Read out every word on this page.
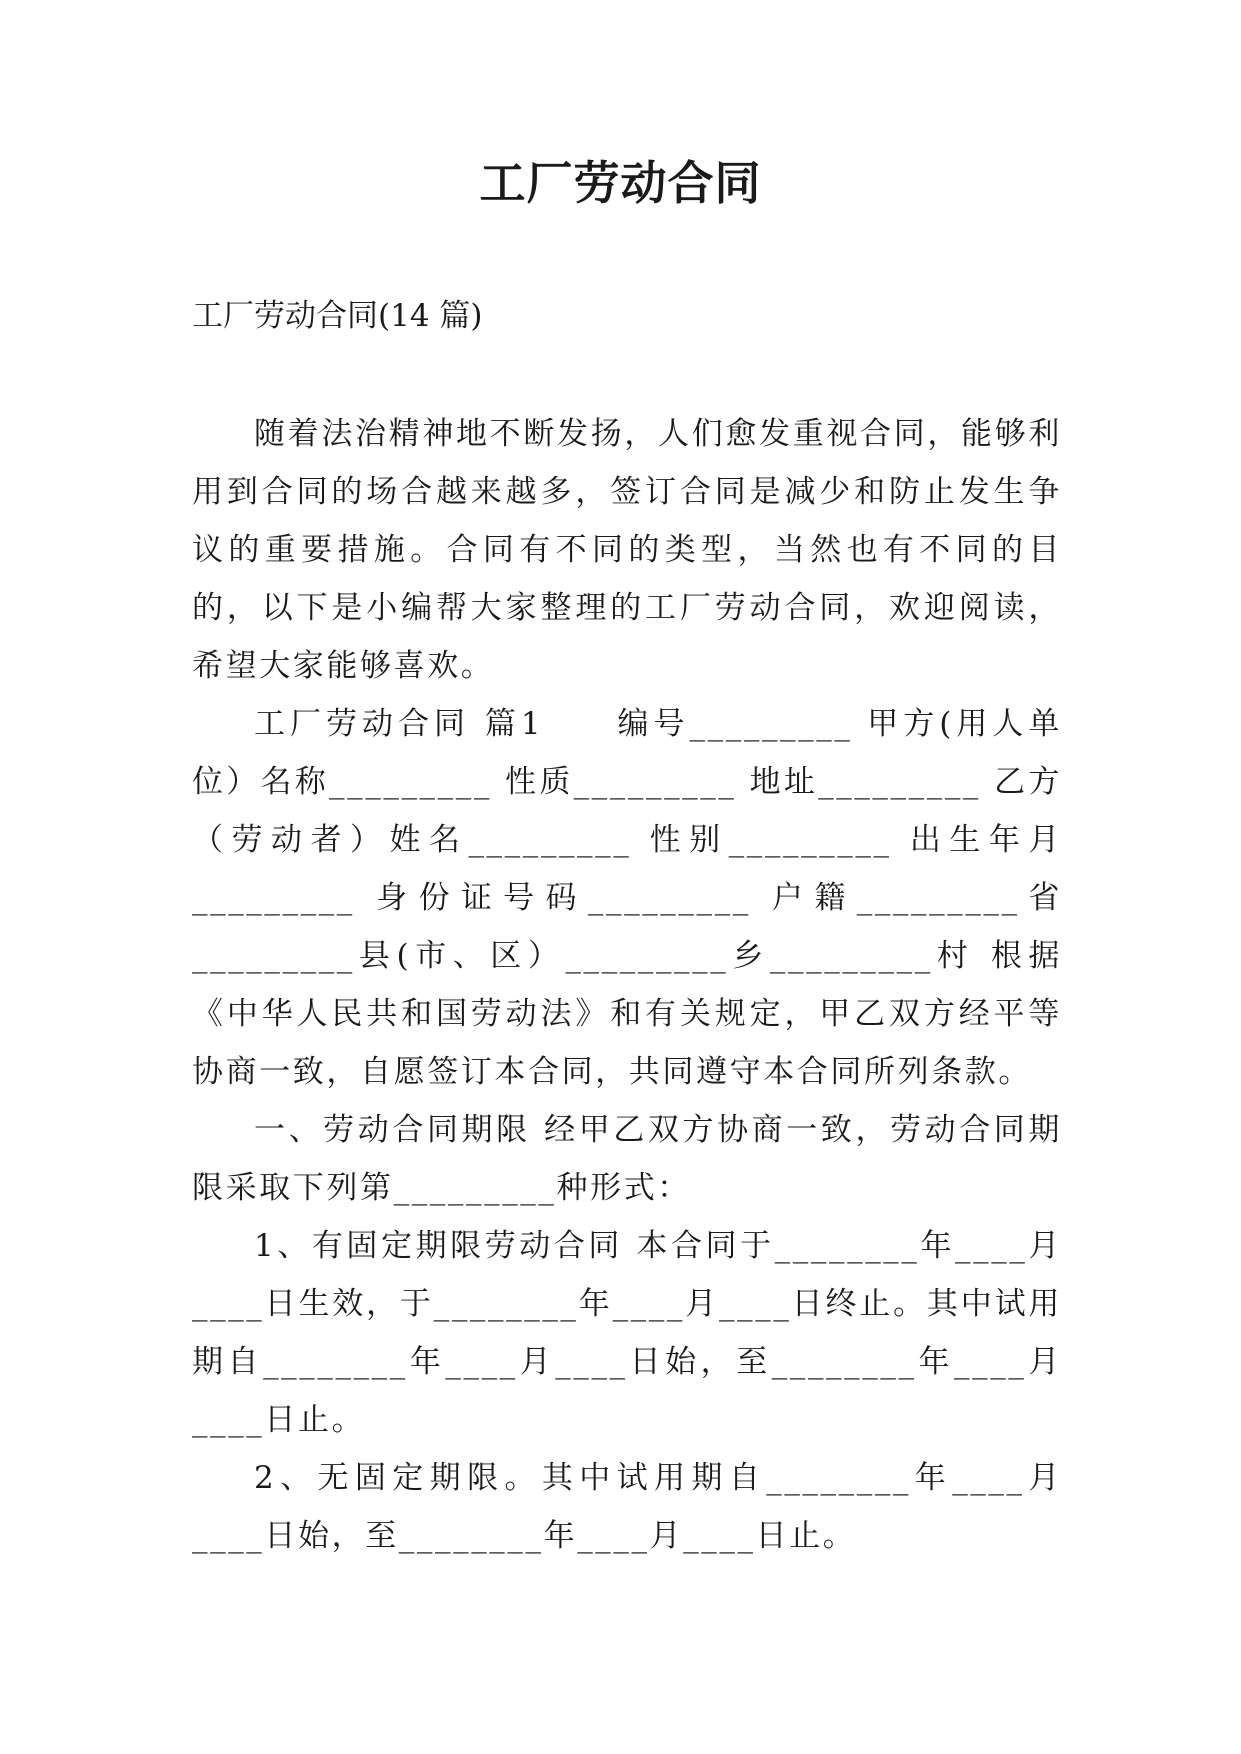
工厂劳动合同

工厂劳动合同(14 篇)

随着法治精神地不断发扬，人们愈发重视合同，能够利用到合同的场合越来越多，签订合同是减少和防止发生争议的重要措施。合同有不同的类型，当然也有不同的目的，以下是小编帮大家整理的工厂劳动合同，欢迎阅读，希望大家能够喜欢。

工厂劳动合同 篇1　　编号_________ 甲方(用人单位）名称_________ 性质_________ 地址_________ 乙方（劳动者）姓名_________ 性别_________ 出生年月_________ 身份证号码_________ 户籍_________省_________县(市、区）_________乡_________村 根据《中华人民共和国劳动法》和有关规定，甲乙双方经平等协商一致，自愿签订本合同，共同遵守本合同所列条款。

一、劳动合同期限 经甲乙双方协商一致，劳动合同期限采取下列第_________种形式：

1、有固定期限劳动合同 本合同于________年____月____日生效，于________年____月____日终止。其中试用期自________年____月____日始，至________年____月____日止。

2、无固定期限。其中试用期自________年____月____日始，至________年____月____日止。
